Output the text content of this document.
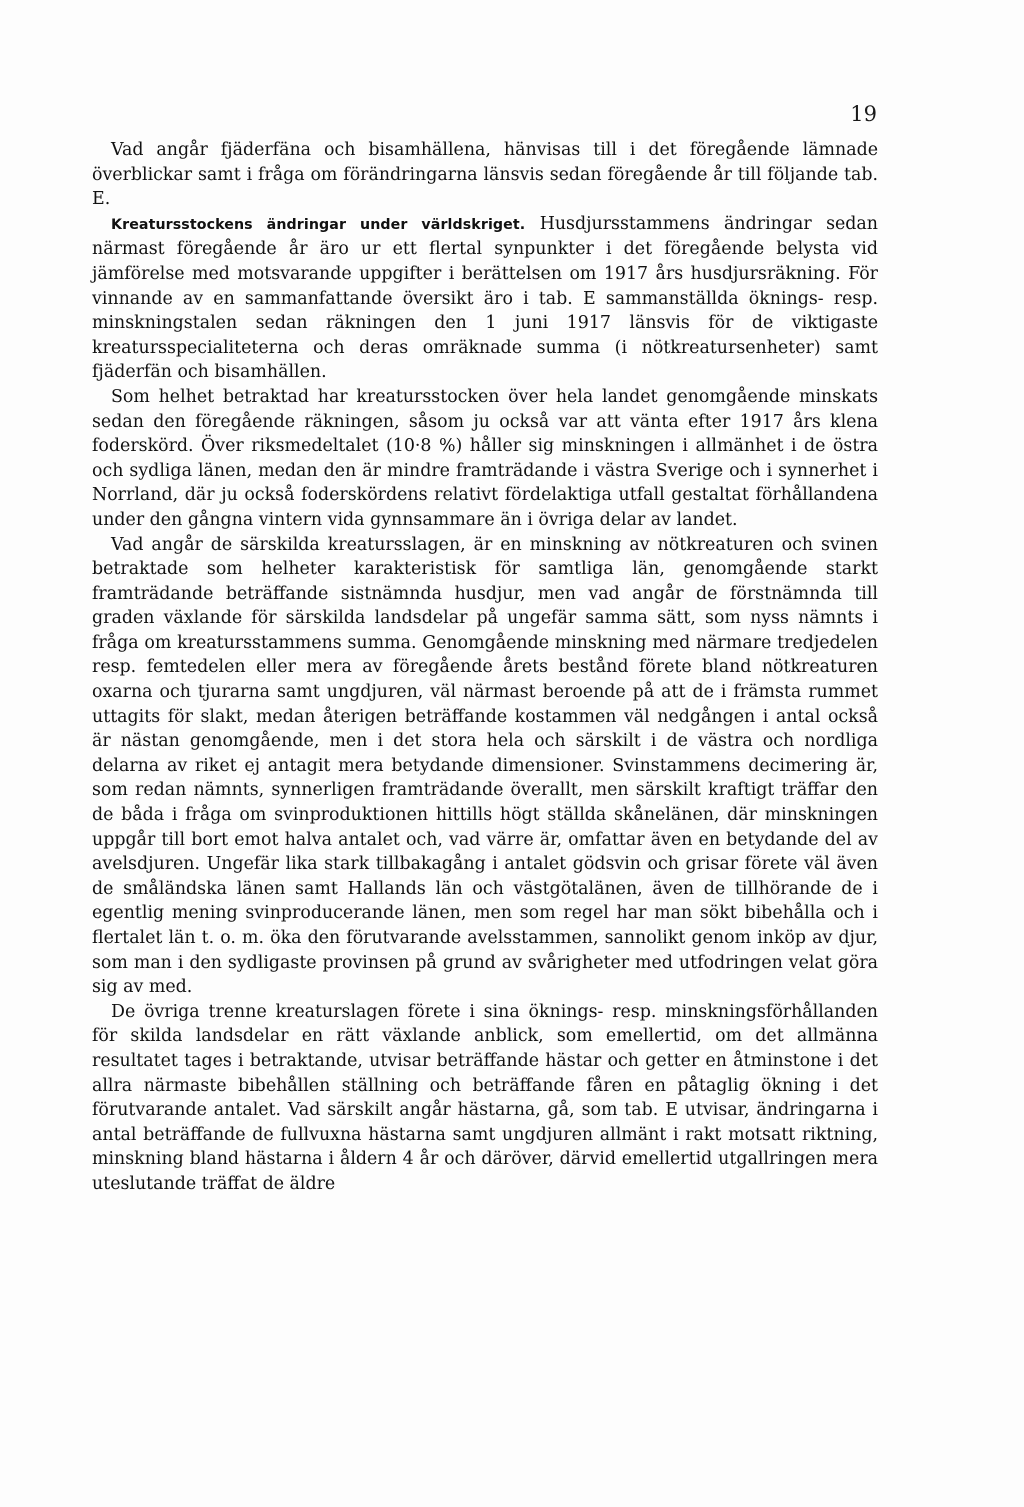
19

Vad angår fjäderfäna och bisamhällena, hänvisas till i det föregående lämnade överblickar samt i fråga om förändringarna länsvis sedan föregående år till följande tab. E.

Kreatursstockens ändringar under världskriget. Husdjursstammens ändringar sedan närmast föregående år äro ur ett flertal synpunkter i det föregående belysta vid jämförelse med motsvarande uppgifter i berättelsen om 1917 års husdjursräkning. För vinnande av en sammanfattande översikt äro i tab. E sammanställda öknings- resp. minskningstalen sedan räkningen den 1 juni 1917 länsvis för de viktigaste kreatursspecialiteterna och deras omräknade summa (i nötkreatursenheter) samt fjäderfän och bisamhällen.

Som helhet betraktad har kreatursstocken över hela landet genomgående minskats sedan den föregående räkningen, såsom ju också var att vänta efter 1917 års klena foderskörd. Över riksmedeltalet (10·8 %) håller sig minskningen i allmänhet i de östra och sydliga länen, medan den är mindre framträdande i västra Sverige och i synnerhet i Norrland, där ju också foderskördens relativt fördelaktiga utfall gestaltat förhållandena under den gångna vintern vida gynnsammare än i övriga delar av landet.

Vad angår de särskilda kreatursslagen, är en minskning av nötkreaturen och svinen betraktade som helheter karakteristisk för samtliga län, genomgående starkt framträdande beträffande sistnämnda husdjur, men vad angår de förstnämnda till graden växlande för särskilda landsdelar på ungefär samma sätt, som nyss nämnts i fråga om kreatursstammens summa. Genomgående minskning med närmare tredjedelen resp. femtedelen eller mera av föregående årets bestånd förete bland nötkreaturen oxarna och tjurarna samt ungdjuren, väl närmast beroende på att de i främsta rummet uttagits för slakt, medan återigen beträffande kostammen väl nedgången i antal också är nästan genomgående, men i det stora hela och särskilt i de västra och nordliga delarna av riket ej antagit mera betydande dimensioner. Svinstammens decimering är, som redan nämnts, synnerligen framträdande överallt, men särskilt kraftigt träffar den de båda i fråga om svinproduktionen hittills högt ställda skånelänen, där minskningen uppgår till bort emot halva antalet och, vad värre är, omfattar även en betydande del av avelsdjuren. Ungefär lika stark tillbakagång i antalet gödsvin och grisar förete väl även de småländska länen samt Hallands län och västgötalänen, även de tillhörande de i egentlig mening svinproducerande länen, men som regel har man sökt bibehålla och i flertalet län t. o. m. öka den förutvarande avelsstammen, sannolikt genom inköp av djur, som man i den sydligaste provinsen på grund av svårigheter med utfodringen velat göra sig av med.

De övriga trenne kreaturslagen förete i sina öknings- resp. minskningsförhållanden för skilda landsdelar en rätt växlande anblick, som emellertid, om det allmänna resultatet tages i betraktande, utvisar beträffande hästar och getter en åtminstone i det allra närmaste bibehållen ställning och beträffande fåren en påtaglig ökning i det förutvarande antalet. Vad särskilt angår hästarna, gå, som tab. E utvisar, ändringarna i antal beträffande de fullvuxna hästarna samt ungdjuren allmänt i rakt motsatt riktning, minskning bland hästarna i åldern 4 år och däröver, därvid emellertid utgallringen mera uteslutande träffat de äldre
